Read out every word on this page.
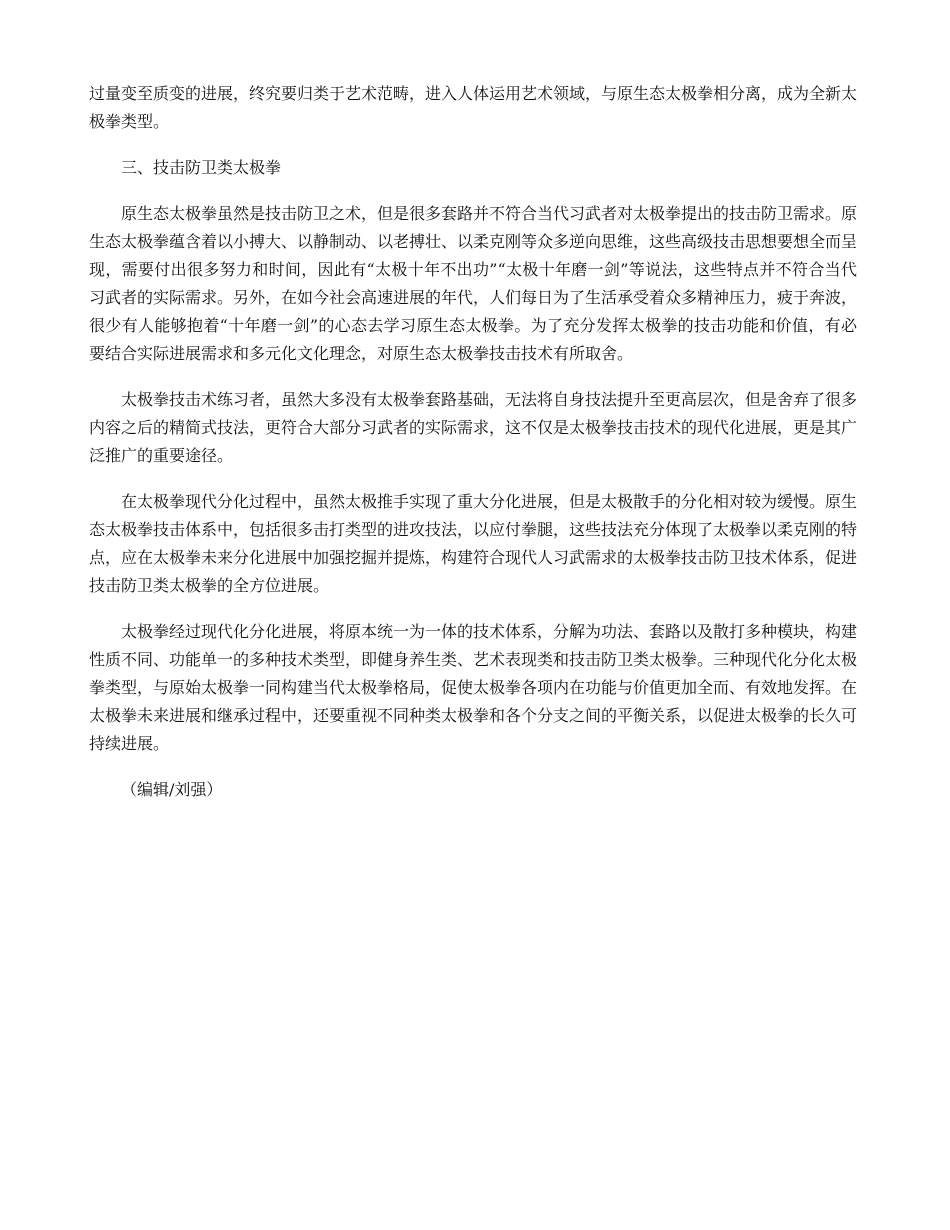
过量变至质变的进展，终究要归类于艺术范畴，进入人体运用艺术领域，与原生态太极拳相分离，成为全新太极拳类型。

三、技击防卫类太极拳

原生态太极拳虽然是技击防卫之术，但是很多套路并不符合当代习武者对太极拳提出的技击防卫需求。原生态太极拳蕴含着以小搏大、以静制动、以老搏壮、以柔克刚等众多逆向思维，这些高级技击思想要想全而呈现，需要付出很多努力和时间，因此有“太极十年不出功”“太极十年磨一剑”等说法，这些特点并不符合当代习武者的实际需求。另外，在如今社会高速进展的年代，人们每日为了生活承受着众多精神压力，疲于奔波，很少有人能够抱着“十年磨一剑”的心态去学习原生态太极拳。为了充分发挥太极拳的技击功能和价值，有必要结合实际进展需求和多元化文化理念，对原生态太极拳技击技术有所取舍。

太极拳技击术练习者，虽然大多没有太极拳套路基础，无法将自身技法提升至更高层次，但是舍弃了很多内容之后的精简式技法，更符合大部分习武者的实际需求，这不仅是太极拳技击技术的现代化进展，更是其广泛推广的重要途径。

在太极拳现代分化过程中，虽然太极推手实现了重大分化进展，但是太极散手的分化相对较为缓慢。原生态太极拳技击体系中，包括很多击打类型的进攻技法，以应付拳腿，这些技法充分体现了太极拳以柔克刚的特点，应在太极拳未来分化进展中加强挖掘并提炼，构建符合现代人习武需求的太极拳技击防卫技术体系，促进技击防卫类太极拳的全方位进展。

太极拳经过现代化分化进展，将原本统一为一体的技术体系，分解为功法、套路以及散打多种模块，构建性质不同、功能单一的多种技术类型，即健身养生类、艺术表现类和技击防卫类太极拳。三种现代化分化太极拳类型，与原始太极拳一同构建当代太极拳格局，促使太极拳各项内在功能与价值更加全而、有效地发挥。在太极拳未来进展和继承过程中，还要重视不同种类太极拳和各个分支之间的平衡关系，以促进太极拳的长久可持续进展。

（编辑/刘强）
